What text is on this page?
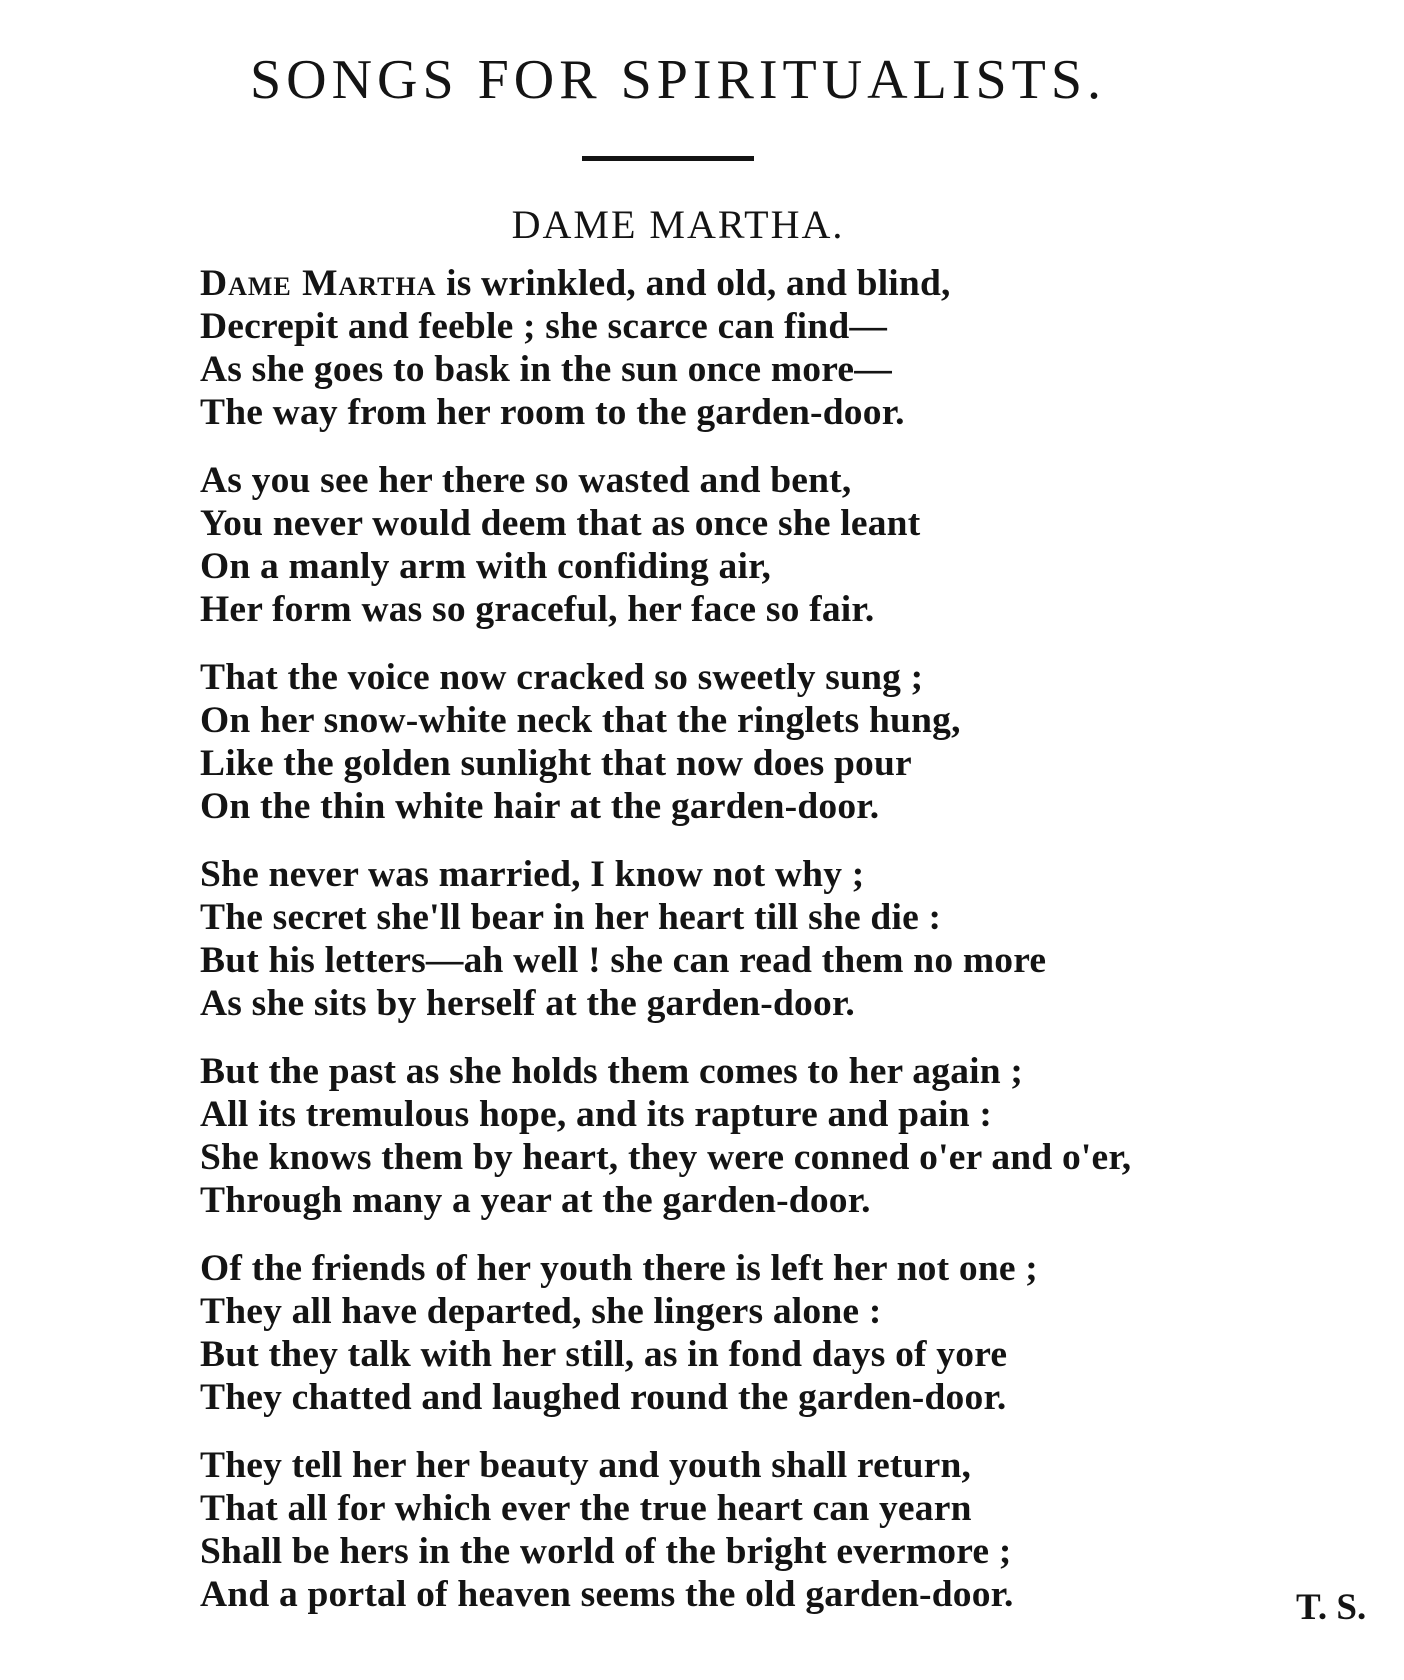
SONGS FOR SPIRITUALISTS.
DAME MARTHA.
Dame Martha is wrinkled, and old, and blind,
Decrepit and feeble ; she scarce can find—
As she goes to bask in the sun once more—
The way from her room to the garden-door.
As you see her there so wasted and bent,
You never would deem that as once she leant
On a manly arm with confiding air,
Her form was so graceful, her face so fair.
That the voice now cracked so sweetly sung ;
On her snow-white neck that the ringlets hung,
Like the golden sunlight that now does pour
On the thin white hair at the garden-door.
She never was married, I know not why ;
The secret she'll bear in her heart till she die :
But his letters—ah well ! she can read them no more
As she sits by herself at the garden-door.
But the past as she holds them comes to her again ;
All its tremulous hope, and its rapture and pain :
She knows them by heart, they were conned o'er and o'er,
Through many a year at the garden-door.
Of the friends of her youth there is left her not one ;
They all have departed, she lingers alone :
But they talk with her still, as in fond days of yore
They chatted and laughed round the garden-door.
They tell her her beauty and youth shall return,
That all for which ever the true heart can yearn
Shall be hers in the world of the bright evermore ;
And a portal of heaven seems the old garden-door.	T. S.
